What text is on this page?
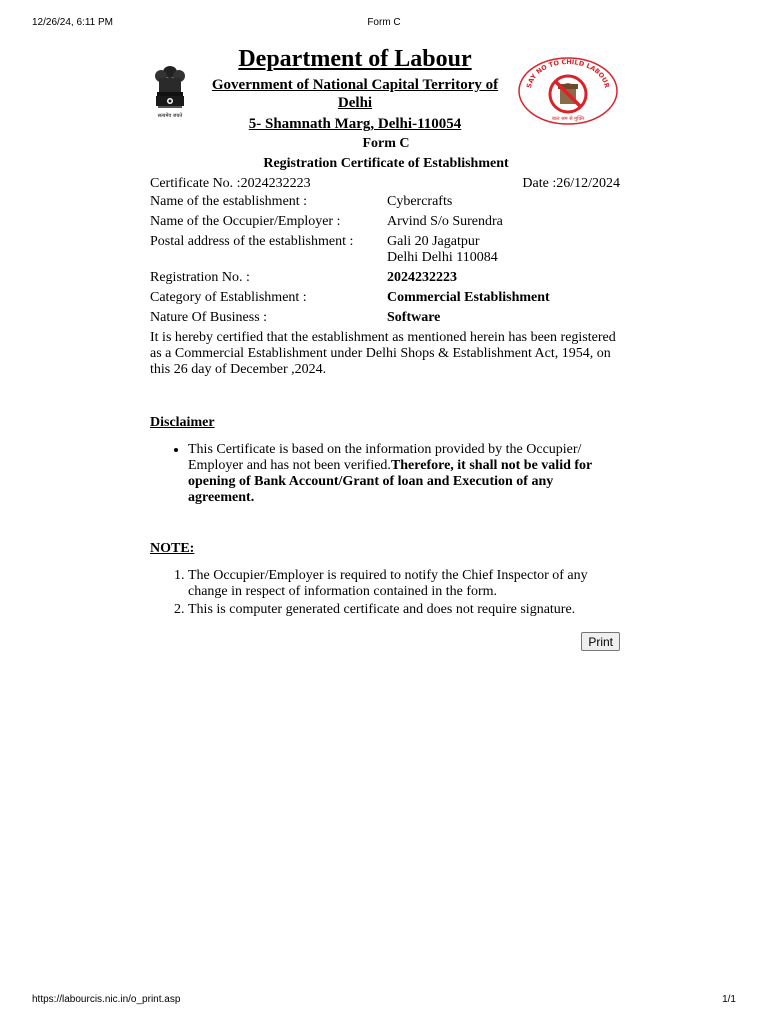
12/26/24, 6:11 PM	Form C
सत्यमेव जयते
Department of Labour
Government of National Capital Territory of Delhi
5- Shamnath Marg, Delhi-110054
SAY NO TO CHILD LABOUR
बाल श्रम से मुक्ति
Form C
Registration Certificate of Establishment
Certificate No. :2024232223	Date :26/12/2024
Name of the establishment :	Cybercrafts
Name of the Occupier/Employer :	Arvind S/o Surendra
Postal address of the establishment :	Gali 20 Jagatpur
Delhi Delhi 110084
Registration No. :	2024232223
Category of Establishment :	Commercial Establishment
Nature Of Business :	Software
It is hereby certified that the establishment as mentioned herein has been registered as a Commercial Establishment under Delhi Shops & Establishment Act, 1954, on this 26 day of December ,2024.
Disclaimer
• This Certificate is based on the information provided by the Occupier/ Employer and has not been verified.Therefore, it shall not be valid for opening of Bank Account/Grant of loan and Execution of any agreement.
NOTE:
1. The Occupier/Employer is required to notify the Chief Inspector of any change in respect of information contained in the form.
2. This is computer generated certificate and does not require signature.
Print
https://labourcis.nic.in/o_print.asp	1/1
